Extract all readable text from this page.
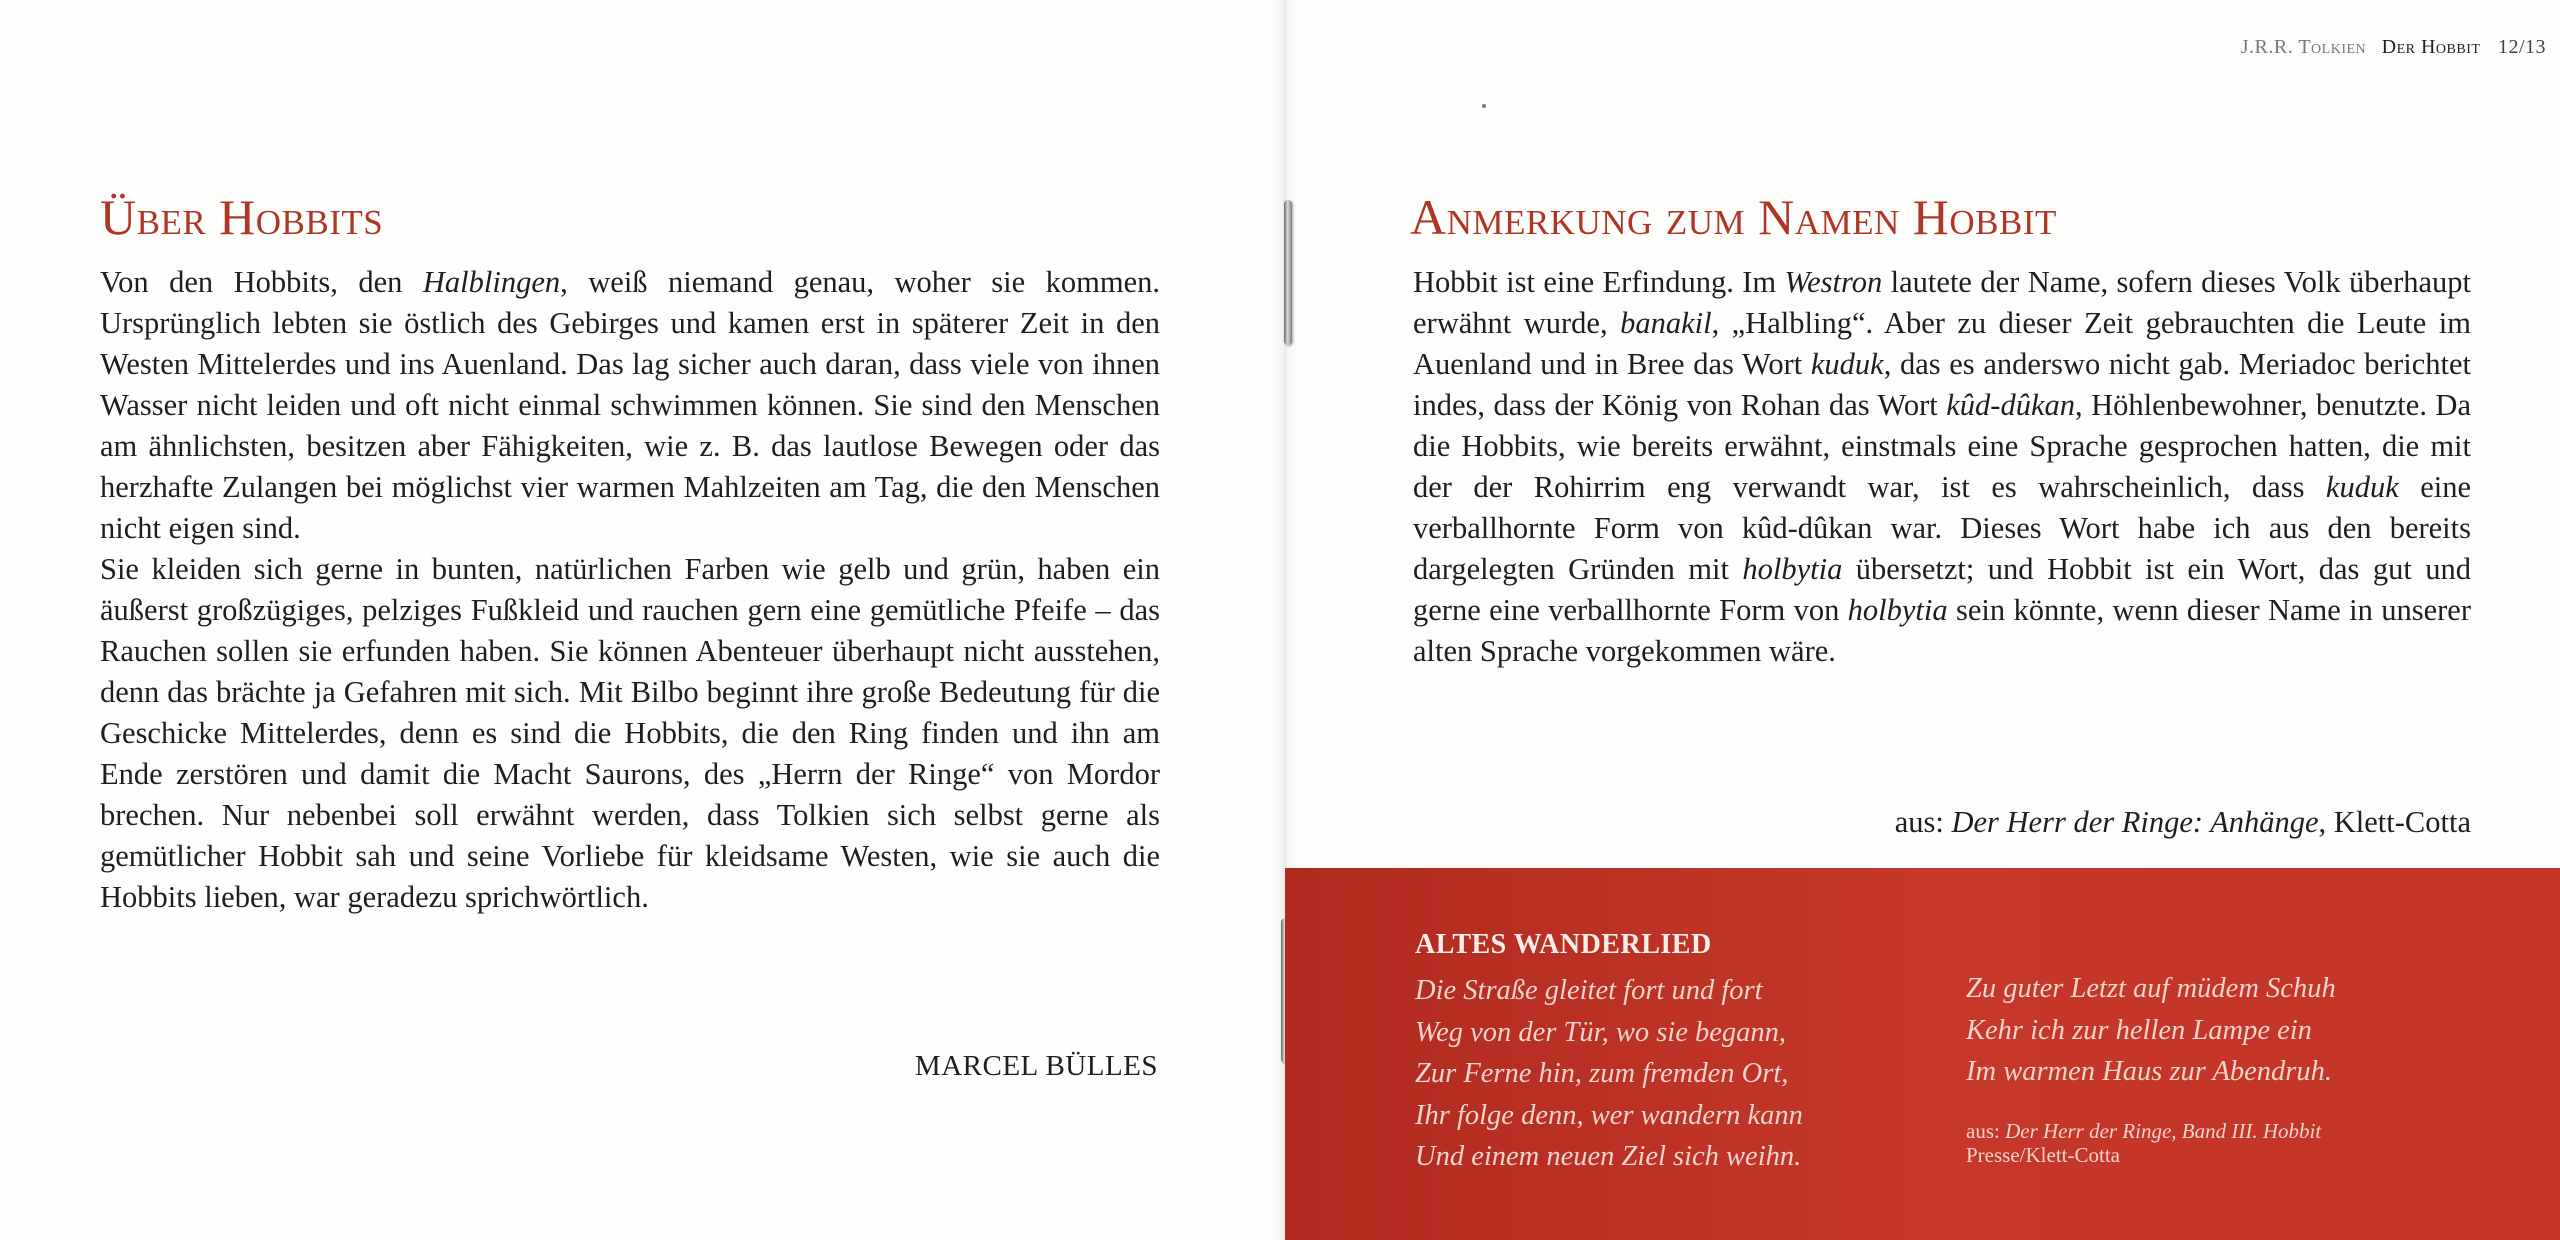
J.R.R. Tolkien Der Hobbit 12/13
Über Hobbits

Von den Hobbits, den Halblingen, weiß niemand genau, woher sie kommen. Ursprünglich lebten sie östlich des Gebirges und kamen erst in späterer Zeit in den Westen Mittelerdes und ins Auenland. Das lag sicher auch daran, dass viele von ihnen Wasser nicht leiden und oft nicht einmal schwimmen können. Sie sind den Menschen am ähnlichsten, besitzen aber Fähigkeiten, wie z. B. das lautlose Bewegen oder das herzhafte Zulangen bei möglichst vier warmen Mahlzeiten am Tag, die den Menschen nicht eigen sind.

Sie kleiden sich gerne in bunten, natürlichen Farben wie gelb und grün, haben ein äußerst großzügiges, pelziges Fußkleid und rauchen gern eine gemütliche Pfeife – das Rauchen sollen sie erfunden haben. Sie können Abenteuer überhaupt nicht ausstehen, denn das brächte ja Gefahren mit sich. Mit Bilbo beginnt ihre große Bedeutung für die Geschicke Mittelerdes, denn es sind die Hobbits, die den Ring finden und ihn am Ende zerstören und damit die Macht Saurons, des „Herrn der Ringe“ von Mordor brechen. Nur nebenbei soll erwähnt werden, dass Tolkien sich selbst gerne als gemütlicher Hobbit sah und seine Vorliebe für kleidsame Westen, wie sie auch die Hobbits lieben, war geradezu sprichwörtlich.

MARCEL BÜLLES
Anmerkung zum Namen Hobbit

Hobbit ist eine Erfindung. Im Westron lautete der Name, sofern dieses Volk überhaupt erwähnt wurde, banakil, „Halbling“. Aber zu dieser Zeit gebrauchten die Leute im Auenland und in Bree das Wort kuduk, das es anderswo nicht gab. Meriadoc berichtet indes, dass der König von Rohan das Wort kûd-dûkan, Höhlenbewohner, benutzte. Da die Hobbits, wie bereits erwähnt, einstmals eine Sprache gesprochen hatten, die mit der der Rohirrim eng verwandt war, ist es wahrscheinlich, dass kuduk eine verballhornte Form von kûd-dûkan war. Dieses Wort habe ich aus den bereits dargelegten Gründen mit holbytia übersetzt; und Hobbit ist ein Wort, das gut und gerne eine verballhornte Form von holbytia sein könnte, wenn dieser Name in unserer alten Sprache vorgekommen wäre.

aus: Der Herr der Ringe: Anhänge, Klett-Cotta
ALTES WANDERLIED
Die Straße gleitet fort und fort
Weg von der Tür, wo sie begann,
Zur Ferne hin, zum fremden Ort,
Ihr folge denn, wer wandern kann
Und einem neuen Ziel sich weihn.
Zu guter Letzt auf müdem Schuh
Kehr ich zur hellen Lampe ein
Im warmen Haus zur Abendruh.
aus: Der Herr der Ringe, Band III. Hobbit Presse/Klett-Cotta
